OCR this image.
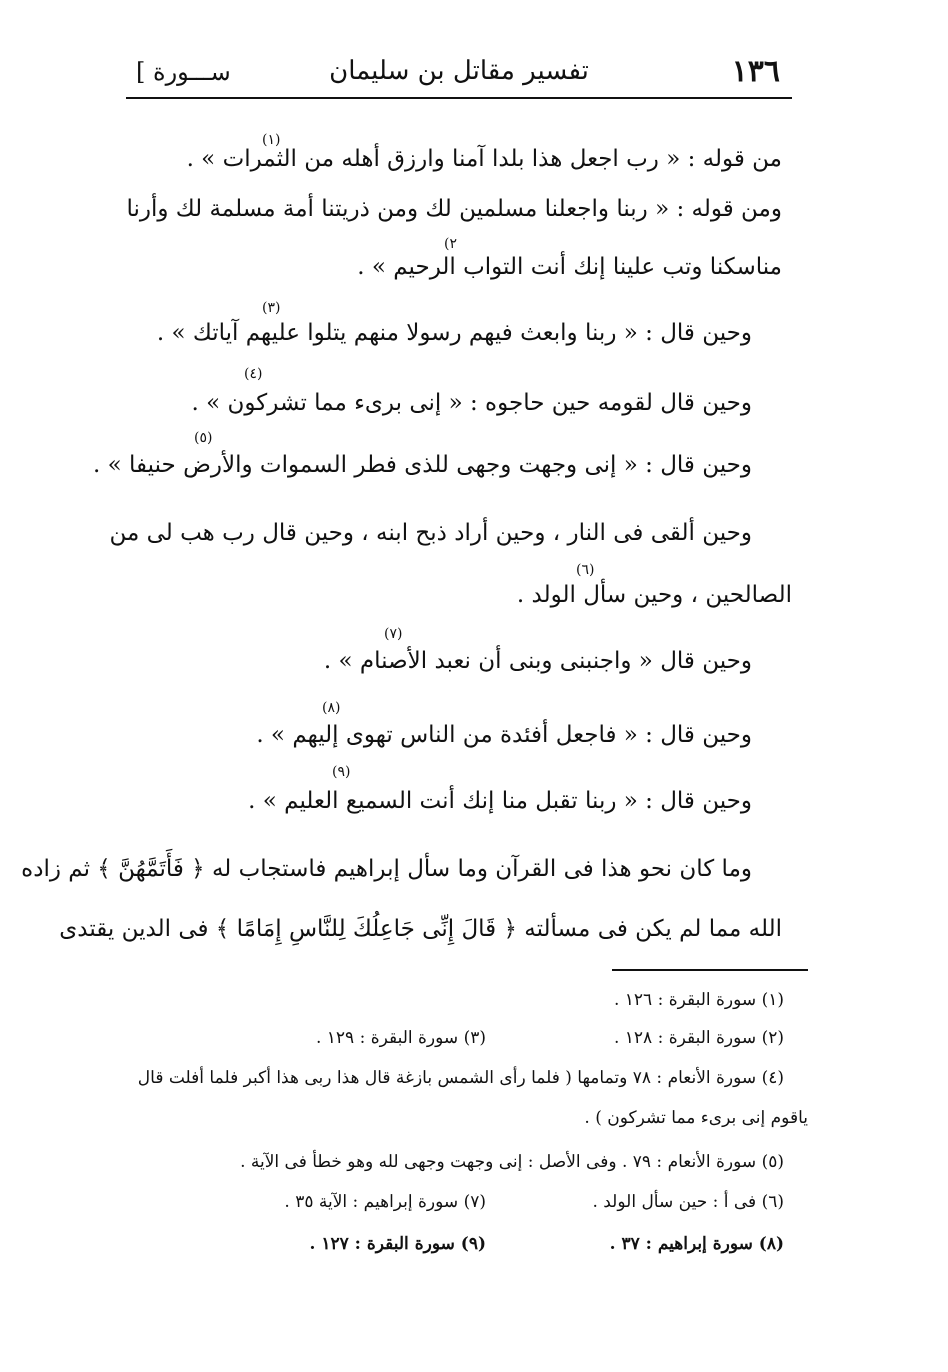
١٣٦
تفسير مقاتل بن سليمان
[ ســـورة
(١)
من قوله : « رب اجعل هذا بلدا آمنا وارزق أهله من الثمرات » .
ومن قوله : « ربنا واجعلنا مسلمين لك ومن ذريتنا أمة مسلمة لك وأرنا
٢)
مناسكنا وتب علينا إنك أنت التواب الرحيم » .
(٣)
وحين قال : « ربنا وابعث فيهم رسولا منهم يتلوا عليهم آياتك » .
(٤)
وحين قال لقومه حين حاجوه : « إنى برىء مما تشركون » .
(٥)
وحين قال : « إنى وجهت وجهى للذى فطر السموات والأرض حنيفا » .
وحين ألقى فى النار ، وحين أراد ذبح ابنه ، وحين قال رب هب لى من
(٦)
الصالحين ، وحين سأل الولد .
(٧)
وحين قال « واجنبنى وبنى أن نعبد الأصنام » .
(٨)
وحين قال : « فاجعل أفئدة من الناس تهوى إليهم » .
(٩)
وحين قال : « ربنا تقبل منا إنك أنت السميع العليم » .
وما كان نحو هذا فى القرآن وما سأل إبراهيم فاستجاب له ﴿ فَأَتَمَّهُنَّ ﴾ ثم زاده
الله مما لم يكن فى مسألته ﴿ قَالَ إِنِّى جَاعِلُكَ لِلنَّاسِ إِمَامًا ﴾ فى الدين يقتدى
(١) سورة البقرة : ١٢٦ .
(٢) سورة البقرة : ١٢٨ .
(٣) سورة البقرة : ١٢٩ .
(٤) سورة الأنعام : ٧٨ وتمامها ( فلما رأى الشمس بازغة قال هذا ربى هذا أكبر فلما أفلت قال
ياقوم إنى برىء مما تشركون ) .
(٥) سورة الأنعام : ٧٩ . وفى الأصل : إنى وجهت وجهى لله وهو خطأ فى الآية .
(٦) فى أ : حين سأل الولد .
(٧) سورة إبراهيم : الآية ٣٥ .
(٨) سورة إبراهيم : ٣٧ .
(٩) سورة البقرة : ١٢٧ .
